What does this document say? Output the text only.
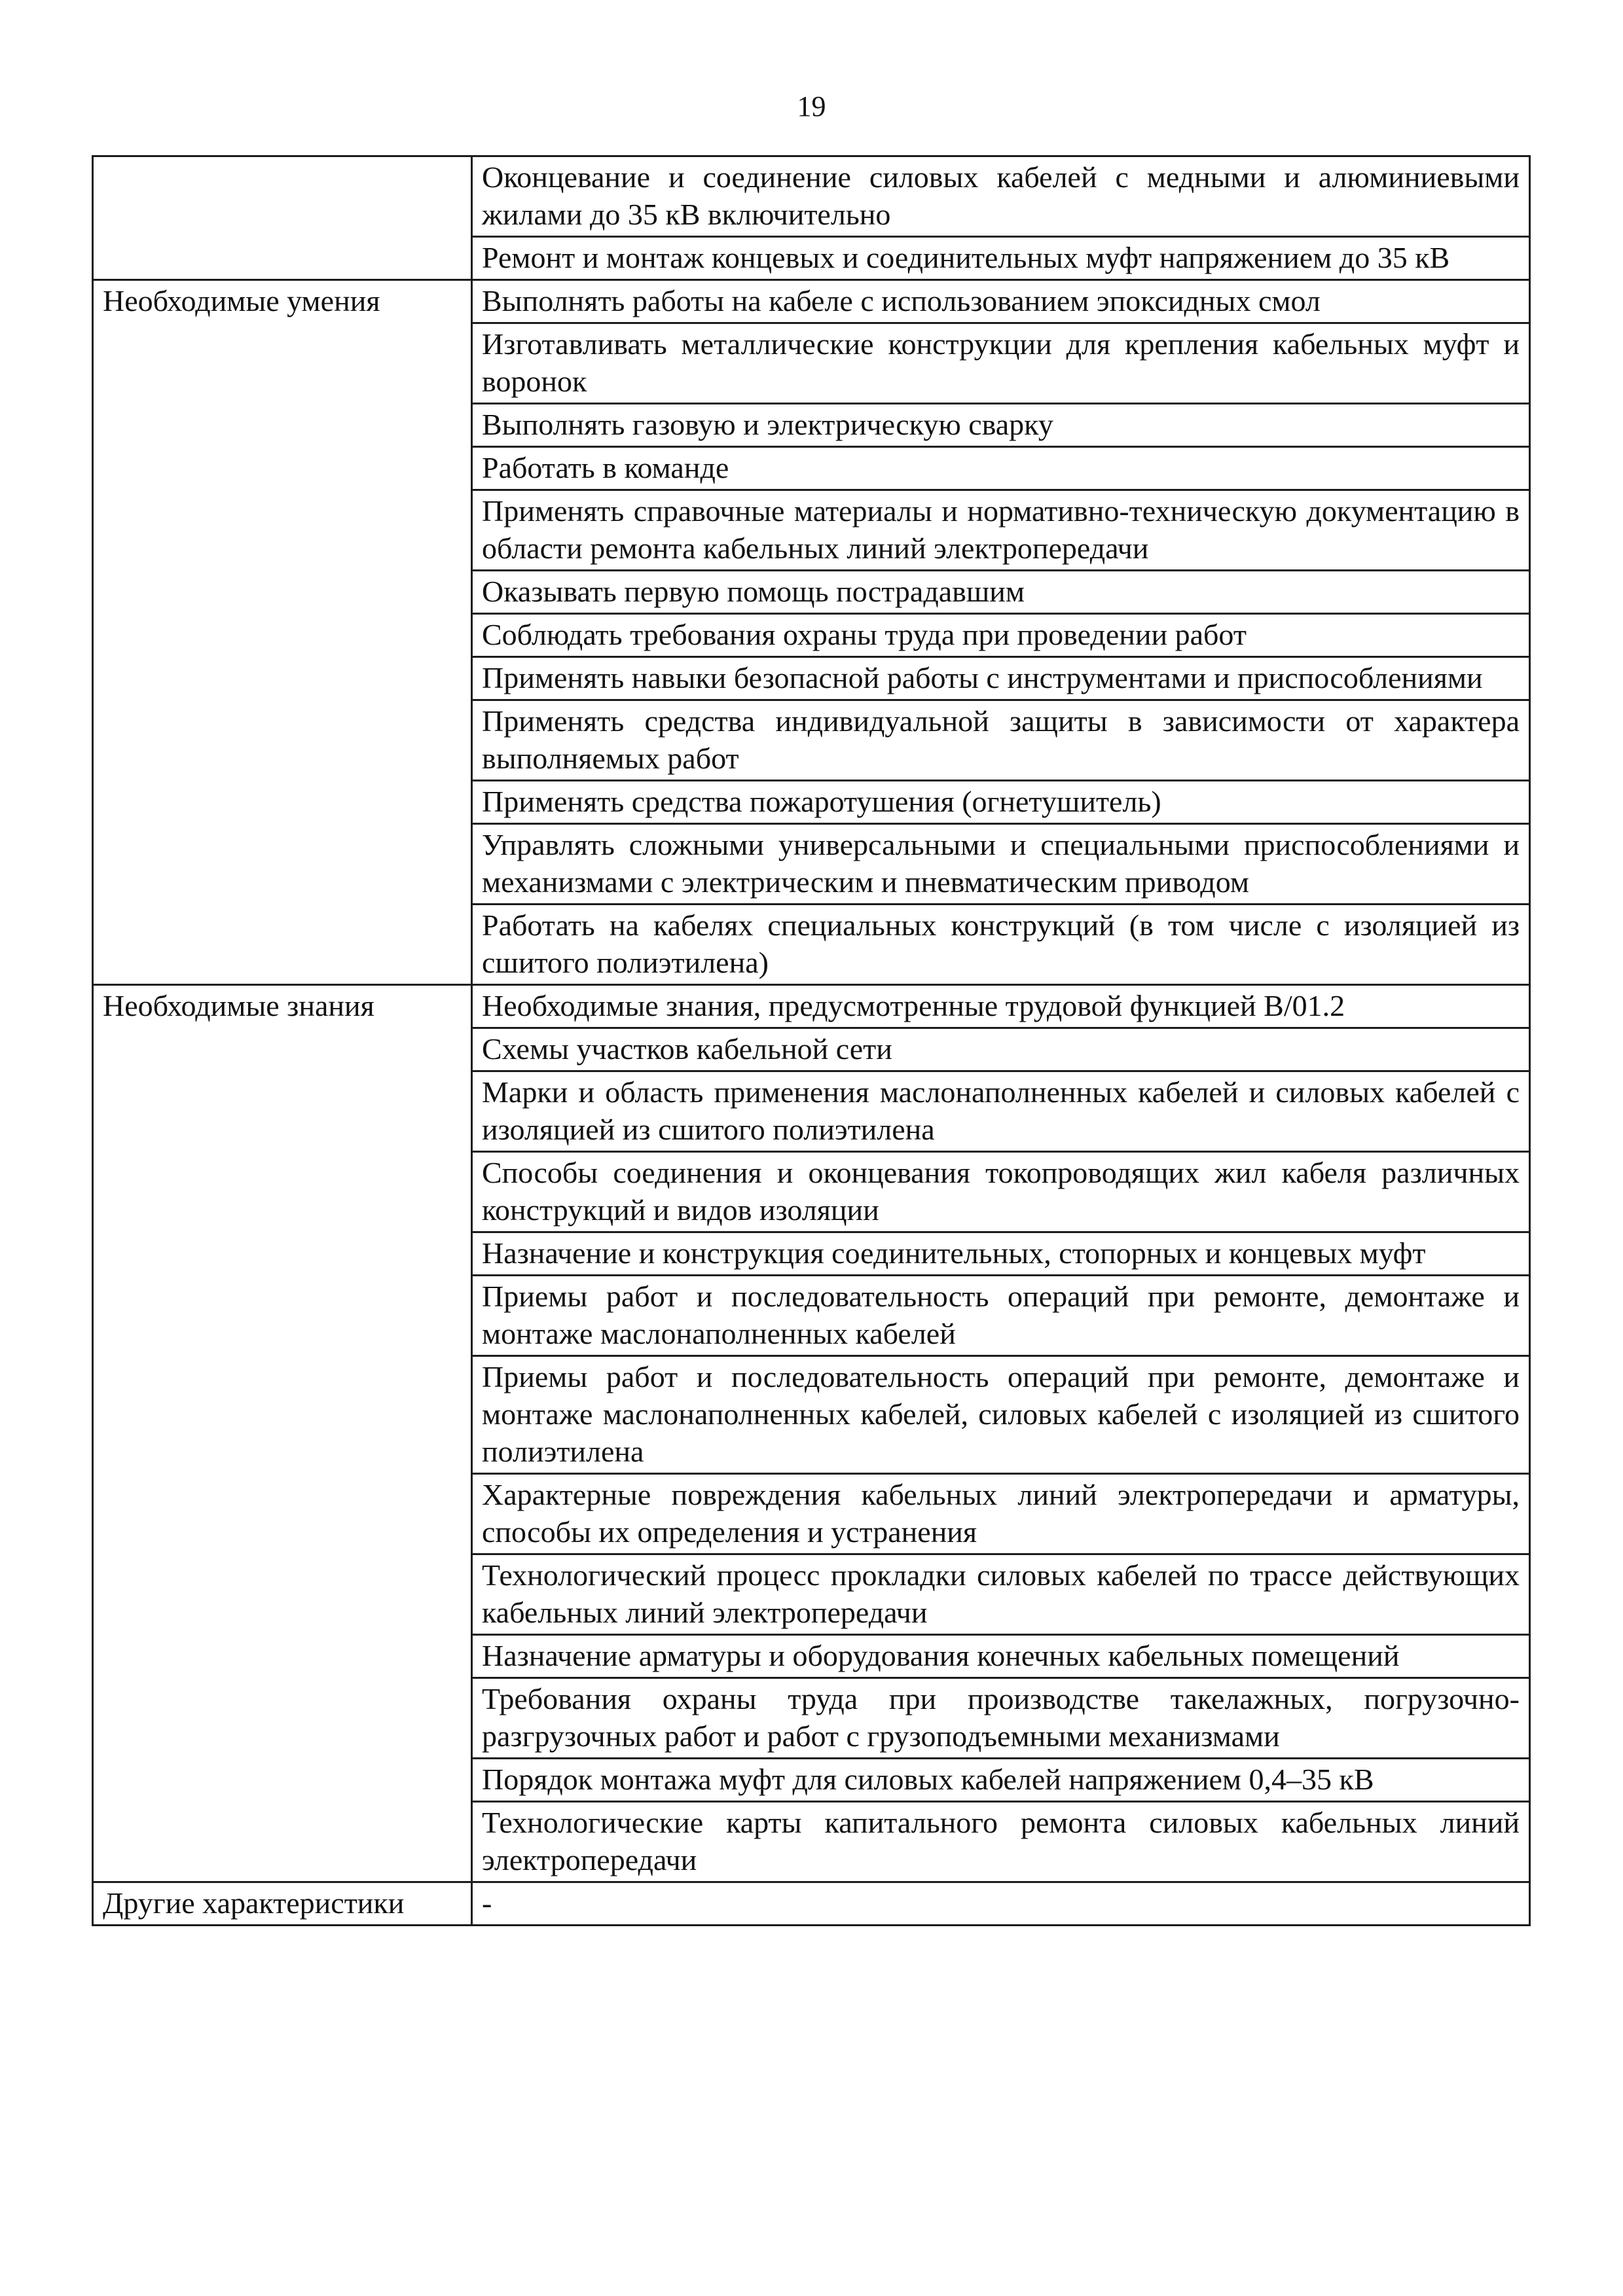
19
	Оконцевание и соединение силовых кабелей с медными и алюминиевыми жилами до 35 кВ включительно
	Ремонт и монтаж концевых и соединительных муфт напряжением до 35 кВ
Необходимые умения	Выполнять работы на кабеле с использованием эпоксидных смол
	Изготавливать металлические конструкции для крепления кабельных муфт и воронок
	Выполнять газовую и электрическую сварку
	Работать в команде
	Применять справочные материалы и нормативно-техническую документацию в области ремонта кабельных линий электропередачи
	Оказывать первую помощь пострадавшим
	Соблюдать требования охраны труда при проведении работ
	Применять навыки безопасной работы с инструментами и приспособлениями
	Применять средства индивидуальной защиты в зависимости от характера выполняемых работ
	Применять средства пожаротушения (огнетушитель)
	Управлять сложными универсальными и специальными приспособлениями и механизмами с электрическим и пневматическим приводом
	Работать на кабелях специальных конструкций (в том числе с изоляцией из сшитого полиэтилена)
Необходимые знания	Необходимые знания, предусмотренные трудовой функцией B/01.2
	Схемы участков кабельной сети
	Марки и область применения маслонаполненных кабелей и силовых кабелей с изоляцией из сшитого полиэтилена
	Способы соединения и оконцевания токопроводящих жил кабеля различных конструкций и видов изоляции
	Назначение и конструкция соединительных, стопорных и концевых муфт
	Приемы работ и последовательность операций при ремонте, демонтаже и монтаже маслонаполненных кабелей
	Приемы работ и последовательность операций при ремонте, демонтаже и монтаже маслонаполненных кабелей, силовых кабелей с изоляцией из сшитого полиэтилена
	Характерные повреждения кабельных линий электропередачи и арматуры, способы их определения и устранения
	Технологический процесс прокладки силовых кабелей по трассе действующих кабельных линий электропередачи
	Назначение арматуры и оборудования конечных кабельных помещений
	Требования охраны труда при производстве такелажных, погрузочно-разгрузочных работ и работ с грузоподъемными механизмами
	Порядок монтажа муфт для силовых кабелей напряжением 0,4–35 кВ
	Технологические карты капитального ремонта силовых кабельных линий электропередачи
Другие характеристики	-
